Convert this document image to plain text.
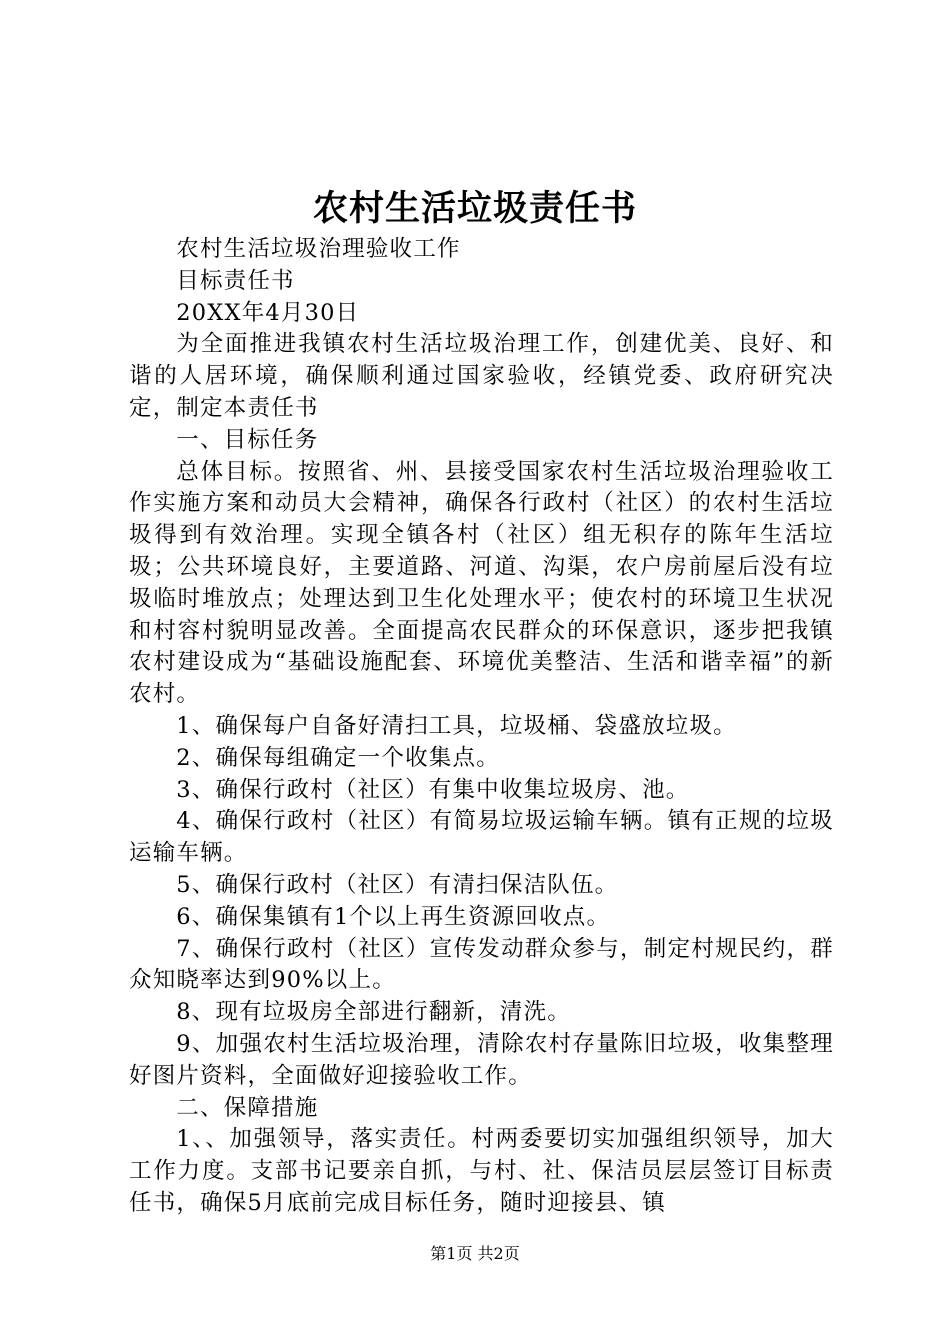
农村生活垃圾责任书

农村生活垃圾治理验收工作

目标责任书

20XX年4月30日

为全面推进我镇农村生活垃圾治理工作，创建优美、良好、和谐的人居环境，确保顺利通过国家验收，经镇党委、政府研究决定，制定本责任书

一、目标任务

总体目标。按照省、州、县接受国家农村生活垃圾治理验收工作实施方案和动员大会精神，确保各行政村（社区）的农村生活垃圾得到有效治理。实现全镇各村（社区）组无积存的陈年生活垃圾；公共环境良好，主要道路、河道、沟渠，农户房前屋后没有垃圾临时堆放点；处理达到卫生化处理水平；使农村的环境卫生状况和村容村貌明显改善。全面提高农民群众的环保意识，逐步把我镇农村建设成为“基础设施配套、环境优美整洁、生活和谐幸福”的新农村。

1、确保每户自备好清扫工具，垃圾桶、袋盛放垃圾。

2、确保每组确定一个收集点。

3、确保行政村（社区）有集中收集垃圾房、池。

4、确保行政村（社区）有简易垃圾运输车辆。镇有正规的垃圾运输车辆。

5、确保行政村（社区）有清扫保洁队伍。

6、确保集镇有1个以上再生资源回收点。

7、确保行政村（社区）宣传发动群众参与，制定村规民约，群众知晓率达到90%以上。

8、现有垃圾房全部进行翻新，清洗。

9、加强农村生活垃圾治理，清除农村存量陈旧垃圾，收集整理好图片资料，全面做好迎接验收工作。

二、保障措施

1、、加强领导，落实责任。村两委要切实加强组织领导，加大工作力度。支部书记要亲自抓，与村、社、保洁员层层签订目标责任书，确保5月底前完成目标任务，随时迎接县、镇

第1页 共2页
